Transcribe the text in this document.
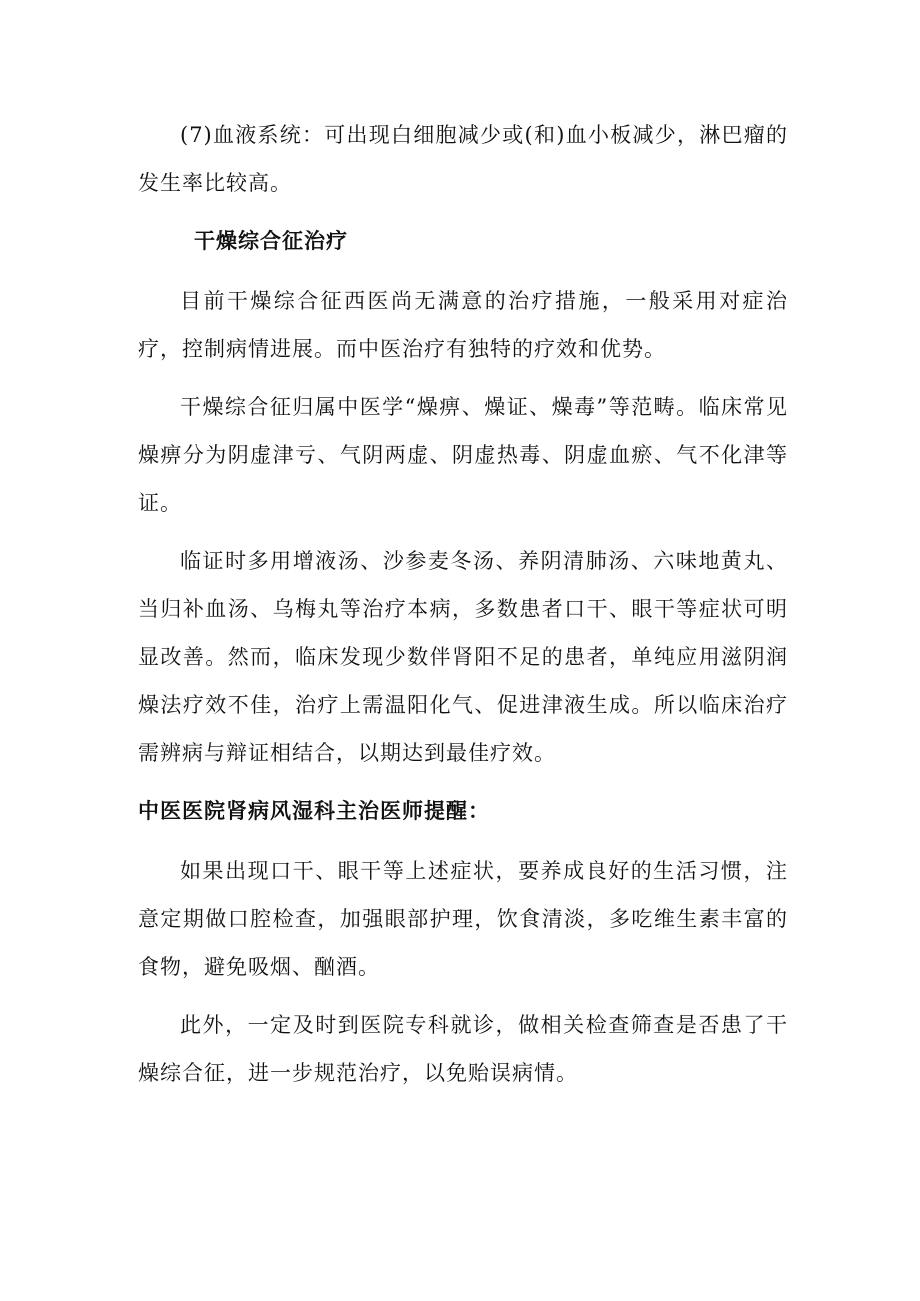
(7)血液系统：可出现白细胞减少或(和)血小板减少，淋巴瘤的发生率比较高。

干燥综合征治疗

目前干燥综合征西医尚无满意的治疗措施，一般采用对症治疗，控制病情进展。而中医治疗有独特的疗效和优势。

干燥综合征归属中医学“燥痹、燥证、燥毒”等范畴。临床常见燥痹分为阴虚津亏、气阴两虚、阴虚热毒、阴虚血瘀、气不化津等证。

临证时多用增液汤、沙参麦冬汤、养阴清肺汤、六味地黄丸、当归补血汤、乌梅丸等治疗本病，多数患者口干、眼干等症状可明显改善。然而，临床发现少数伴肾阳不足的患者，单纯应用滋阴润燥法疗效不佳，治疗上需温阳化气、促进津液生成。所以临床治疗需辨病与辩证相结合，以期达到最佳疗效。

中医医院肾病风湿科主治医师提醒：

如果出现口干、眼干等上述症状，要养成良好的生活习惯，注意定期做口腔检查，加强眼部护理，饮食清淡，多吃维生素丰富的食物，避免吸烟、酗酒。

此外，一定及时到医院专科就诊，做相关检查筛查是否患了干燥综合征，进一步规范治疗，以免贻误病情。
